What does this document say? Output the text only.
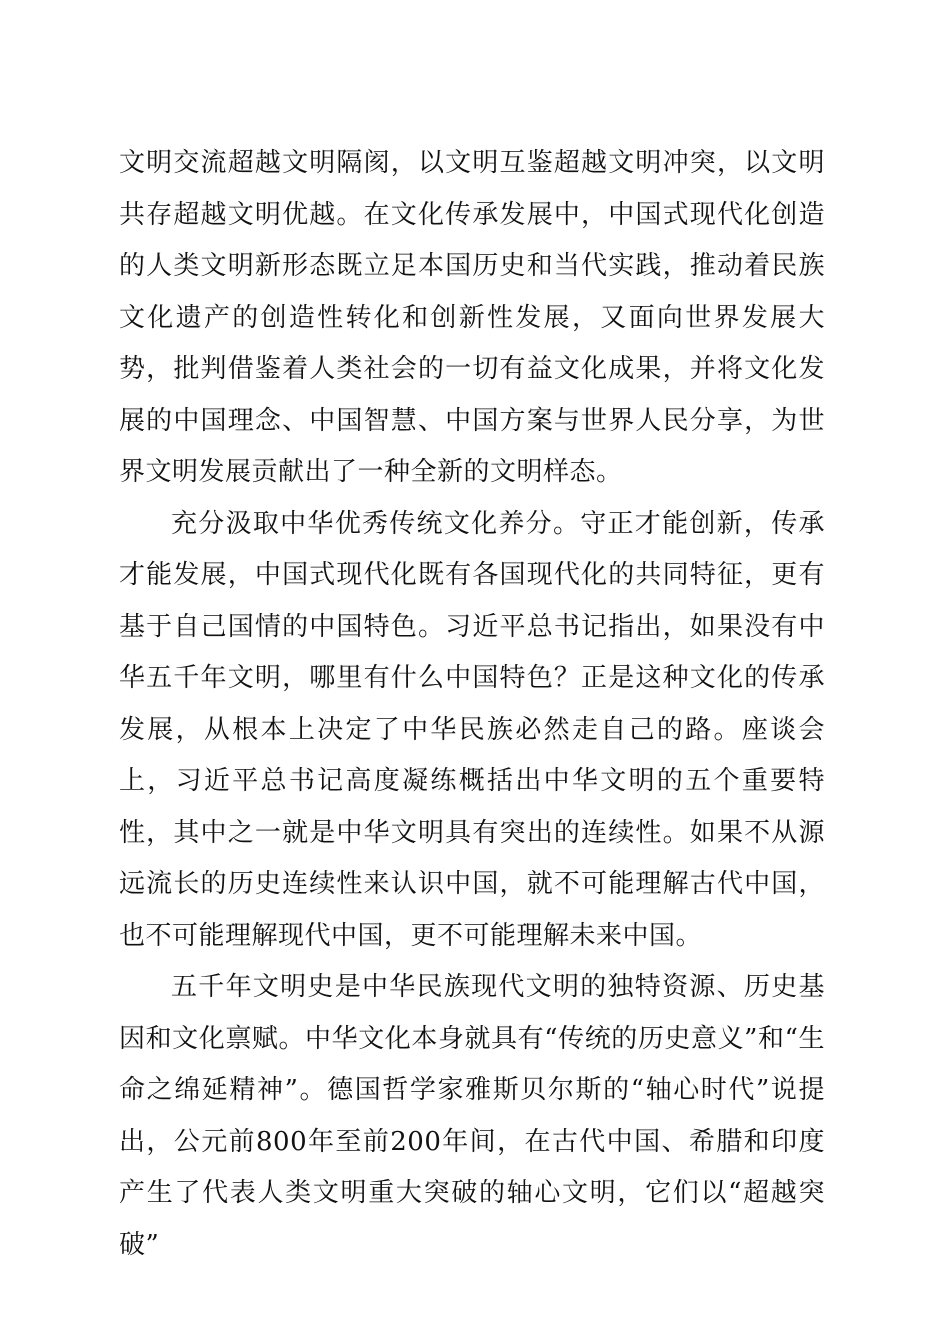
文明交流超越文明隔阂，以文明互鉴超越文明冲突，以文明共存超越文明优越。在文化传承发展中，中国式现代化创造的人类文明新形态既立足本国历史和当代实践，推动着民族文化遗产的创造性转化和创新性发展，又面向世界发展大势，批判借鉴着人类社会的一切有益文化成果，并将文化发展的中国理念、中国智慧、中国方案与世界人民分享，为世界文明发展贡献出了一种全新的文明样态。

充分汲取中华优秀传统文化养分。守正才能创新，传承才能发展，中国式现代化既有各国现代化的共同特征，更有基于自己国情的中国特色。习近平总书记指出，如果没有中华五千年文明，哪里有什么中国特色？正是这种文化的传承发展，从根本上决定了中华民族必然走自己的路。座谈会上，习近平总书记高度凝练概括出中华文明的五个重要特性，其中之一就是中华文明具有突出的连续性。如果不从源远流长的历史连续性来认识中国，就不可能理解古代中国，也不可能理解现代中国，更不可能理解未来中国。

五千年文明史是中华民族现代文明的独特资源、历史基因和文化禀赋。中华文化本身就具有“传统的历史意义”和“生命之绵延精神”。德国哲学家雅斯贝尔斯的“轴心时代”说提出，公元前800年至前200年间，在古代中国、希腊和印度产生了代表人类文明重大突破的轴心文明，它们以“超越突破”
